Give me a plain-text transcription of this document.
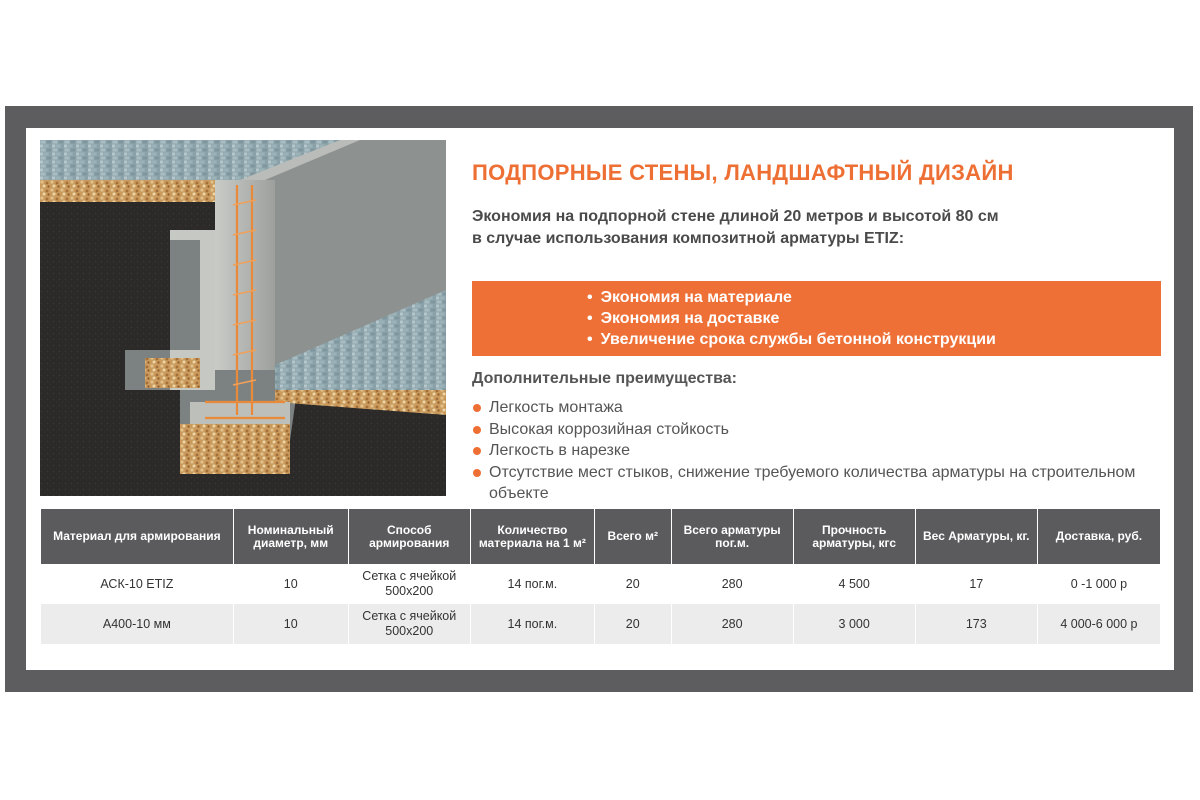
ПОДПОРНЫЕ СТЕНЫ, ЛАНДШАФТНЫЙ ДИЗАЙН
Экономия на подпорной стене длиной 20 метров и высотой 80 см
в случае использования композитной арматуры ETIZ:
• Экономия на материале
• Экономия на доставке
• Увеличение срока службы бетонной конструкции
Дополнительные преимущества:
Легкость монтажа
Высокая коррозийная стойкость
Легкость в нарезке
Отсутствие мест стыков, снижение требуемого количества арматуры на строительном объекте
Материал для армирования	Номинальный диаметр, мм	Способ армирования	Количество материала на 1 м²	Всего м²	Всего арматуры пог.м.	Прочность арматуры, кгс	Вес Арматуры, кг.	Доставка, руб.
АСК-10 ETIZ	10	Сетка с ячейкой 500х200	14 пог.м.	20	280	4 500	17	0 -1 000 р
А400-10 мм	10	Сетка с ячейкой 500х200	14 пог.м.	20	280	3 000	173	4 000-6 000 р
